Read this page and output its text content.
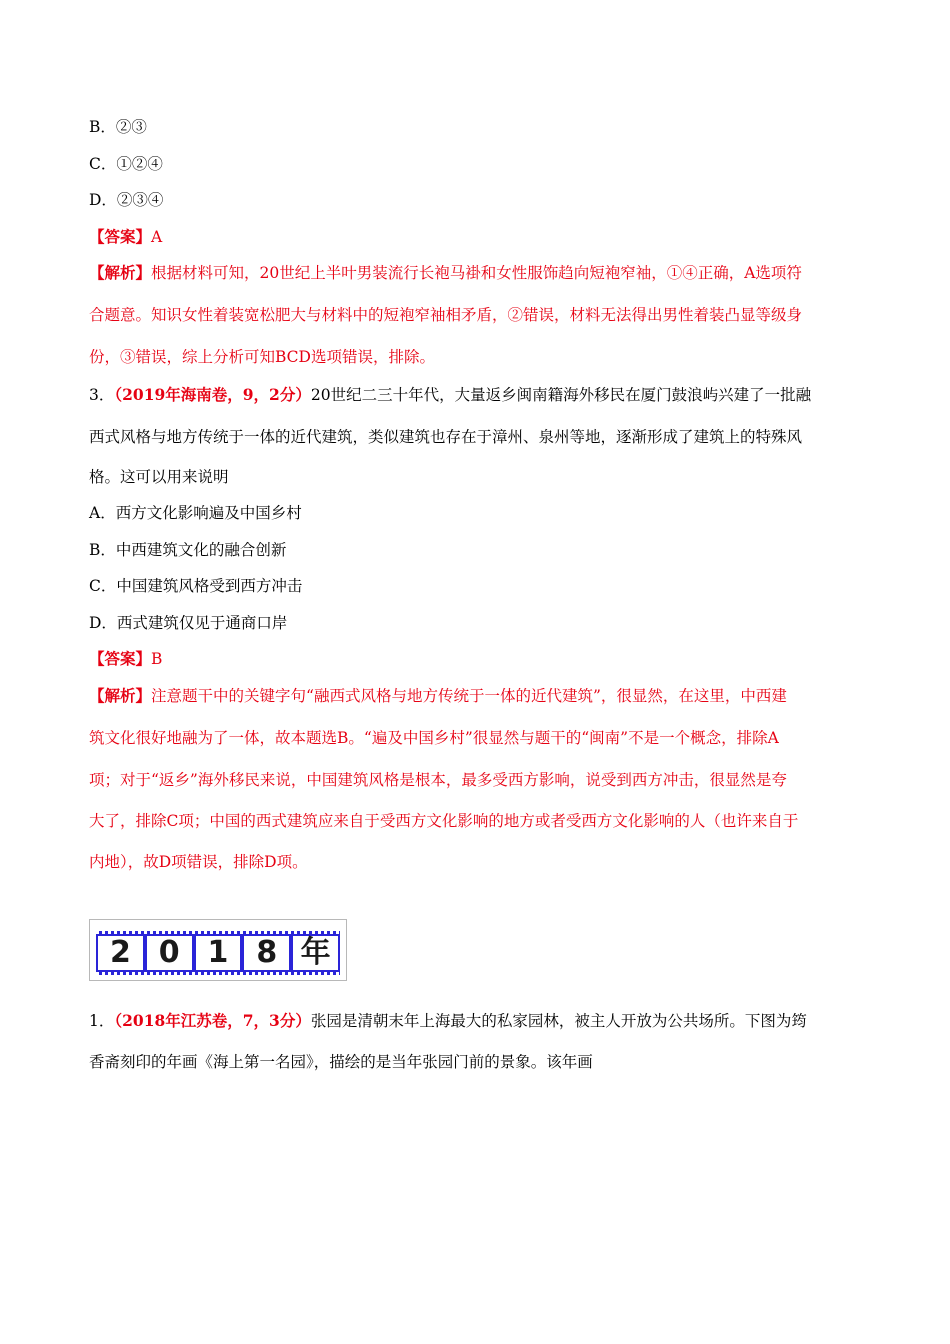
B．②③
C．①②④
D．②③④
【答案】A
【解析】根据材料可知，20世纪上半叶男装流行长袍马褂和女性服饰趋向短袍窄袖，①④正确，A选项符
合题意。知识女性着装宽松肥大与材料中的短袍窄袖相矛盾，②错误，材料无法得出男性着装凸显等级身
份，③错误，综上分析可知BCD选项错误，排除。
3．（2019年海南卷，9，2分）20世纪二三十年代，大量返乡闽南籍海外移民在厦门鼓浪屿兴建了一批融
西式风格与地方传统于一体的近代建筑，类似建筑也存在于漳州、泉州等地，逐渐形成了建筑上的特殊风
格。这可以用来说明
A．西方文化影响遍及中国乡村
B．中西建筑文化的融合创新
C．中国建筑风格受到西方冲击
D．西式建筑仅见于通商口岸
【答案】B
【解析】注意题干中的关键字句“融西式风格与地方传统于一体的近代建筑”，很显然，在这里，中西建
筑文化很好地融为了一体，故本题选B。“遍及中国乡村”很显然与题干的“闽南”不是一个概念，排除A
项；对于“返乡”海外移民来说，中国建筑风格是根本，最多受西方影响，说受到西方冲击，很显然是夸
大了，排除C项；中国的西式建筑应来自于受西方文化影响的地方或者受西方文化影响的人（也许来自于
内地），故D项错误，排除D项。
2 0 1 8 年
1．（2018年江苏卷，7，3分）张园是清朝末年上海最大的私家园林，被主人开放为公共场所。下图为筠
香斋刻印的年画《海上第一名园》，描绘的是当年张园门前的景象。该年画
